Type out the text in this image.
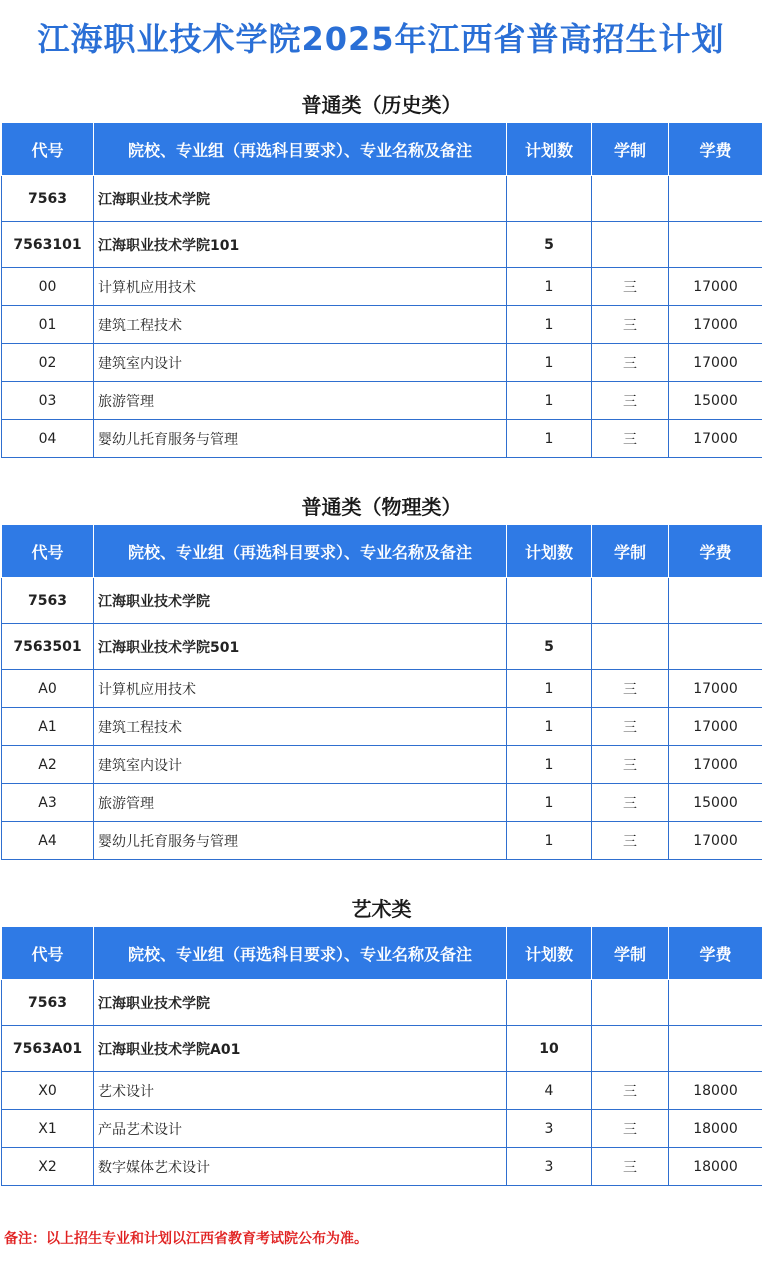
江海职业技术学院2025年江西省普高招生计划
普通类（历史类）
代号	院校、专业组（再选科目要求）、专业名称及备注	计划数	学制	学费
7563	江海职业技术学院			
7563101	江海职业技术学院101	5		
00	计算机应用技术	1	三	17000
01	建筑工程技术	1	三	17000
02	建筑室内设计	1	三	17000
03	旅游管理	1	三	15000
04	婴幼儿托育服务与管理	1	三	17000
普通类（物理类）
代号	院校、专业组（再选科目要求）、专业名称及备注	计划数	学制	学费
7563	江海职业技术学院			
7563501	江海职业技术学院501	5		
A0	计算机应用技术	1	三	17000
A1	建筑工程技术	1	三	17000
A2	建筑室内设计	1	三	17000
A3	旅游管理	1	三	15000
A4	婴幼儿托育服务与管理	1	三	17000
艺术类
代号	院校、专业组（再选科目要求）、专业名称及备注	计划数	学制	学费
7563	江海职业技术学院			
7563A01	江海职业技术学院A01	10		
X0	艺术设计	4	三	18000
X1	产品艺术设计	3	三	18000
X2	数字媒体艺术设计	3	三	18000
备注：以上招生专业和计划以江西省教育考试院公布为准。
